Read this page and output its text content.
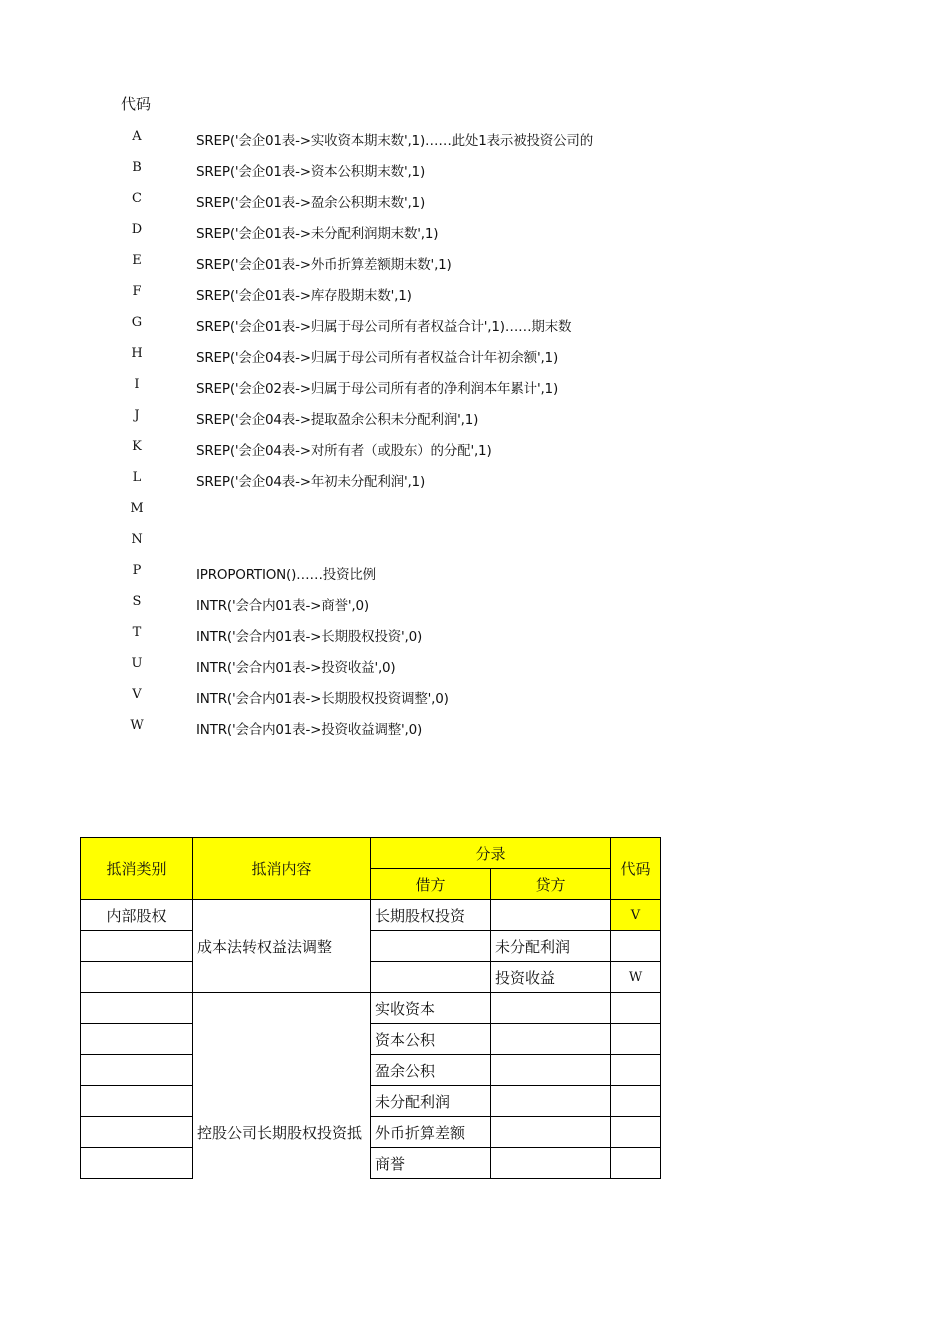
代码
A	SREP('会企01表->实收资本期末数',1)……此处1表示被投资公司的
B	SREP('会企01表->资本公积期末数',1)
C	SREP('会企01表->盈余公积期末数',1)
D	SREP('会企01表->未分配利润期末数',1)
E	SREP('会企01表->外币折算差额期末数',1)
F	SREP('会企01表->库存股期末数',1)
G	SREP('会企01表->归属于母公司所有者权益合计',1)……期末数
H	SREP('会企04表->归属于母公司所有者权益合计年初余额',1)
I	SREP('会企02表->归属于母公司所有者的净利润本年累计',1)
J	SREP('会企04表->提取盈余公积未分配利润',1)
K	SREP('会企04表->对所有者（或股东）的分配',1)
L	SREP('会企04表->年初未分配利润',1)
M
N
P	IPROPORTION()……投资比例
S	INTR('会合内01表->商誉',0)
T	INTR('会合内01表->长期股权投资',0)
U	INTR('会合内01表->投资收益',0)
V	INTR('会合内01表->长期股权投资调整',0)
W	INTR('会合内01表->投资收益调整',0)
抵消类别	抵消内容	分录		代码
		借方	贷方	
内部股权	成本法转权益法调整	长期股权投资		V
			未分配利润	
			投资收益	W
	控股公司长期股权投资抵	实收资本		
		资本公积		
		盈余公积		
		未分配利润		
		外币折算差额		
		商誉		
